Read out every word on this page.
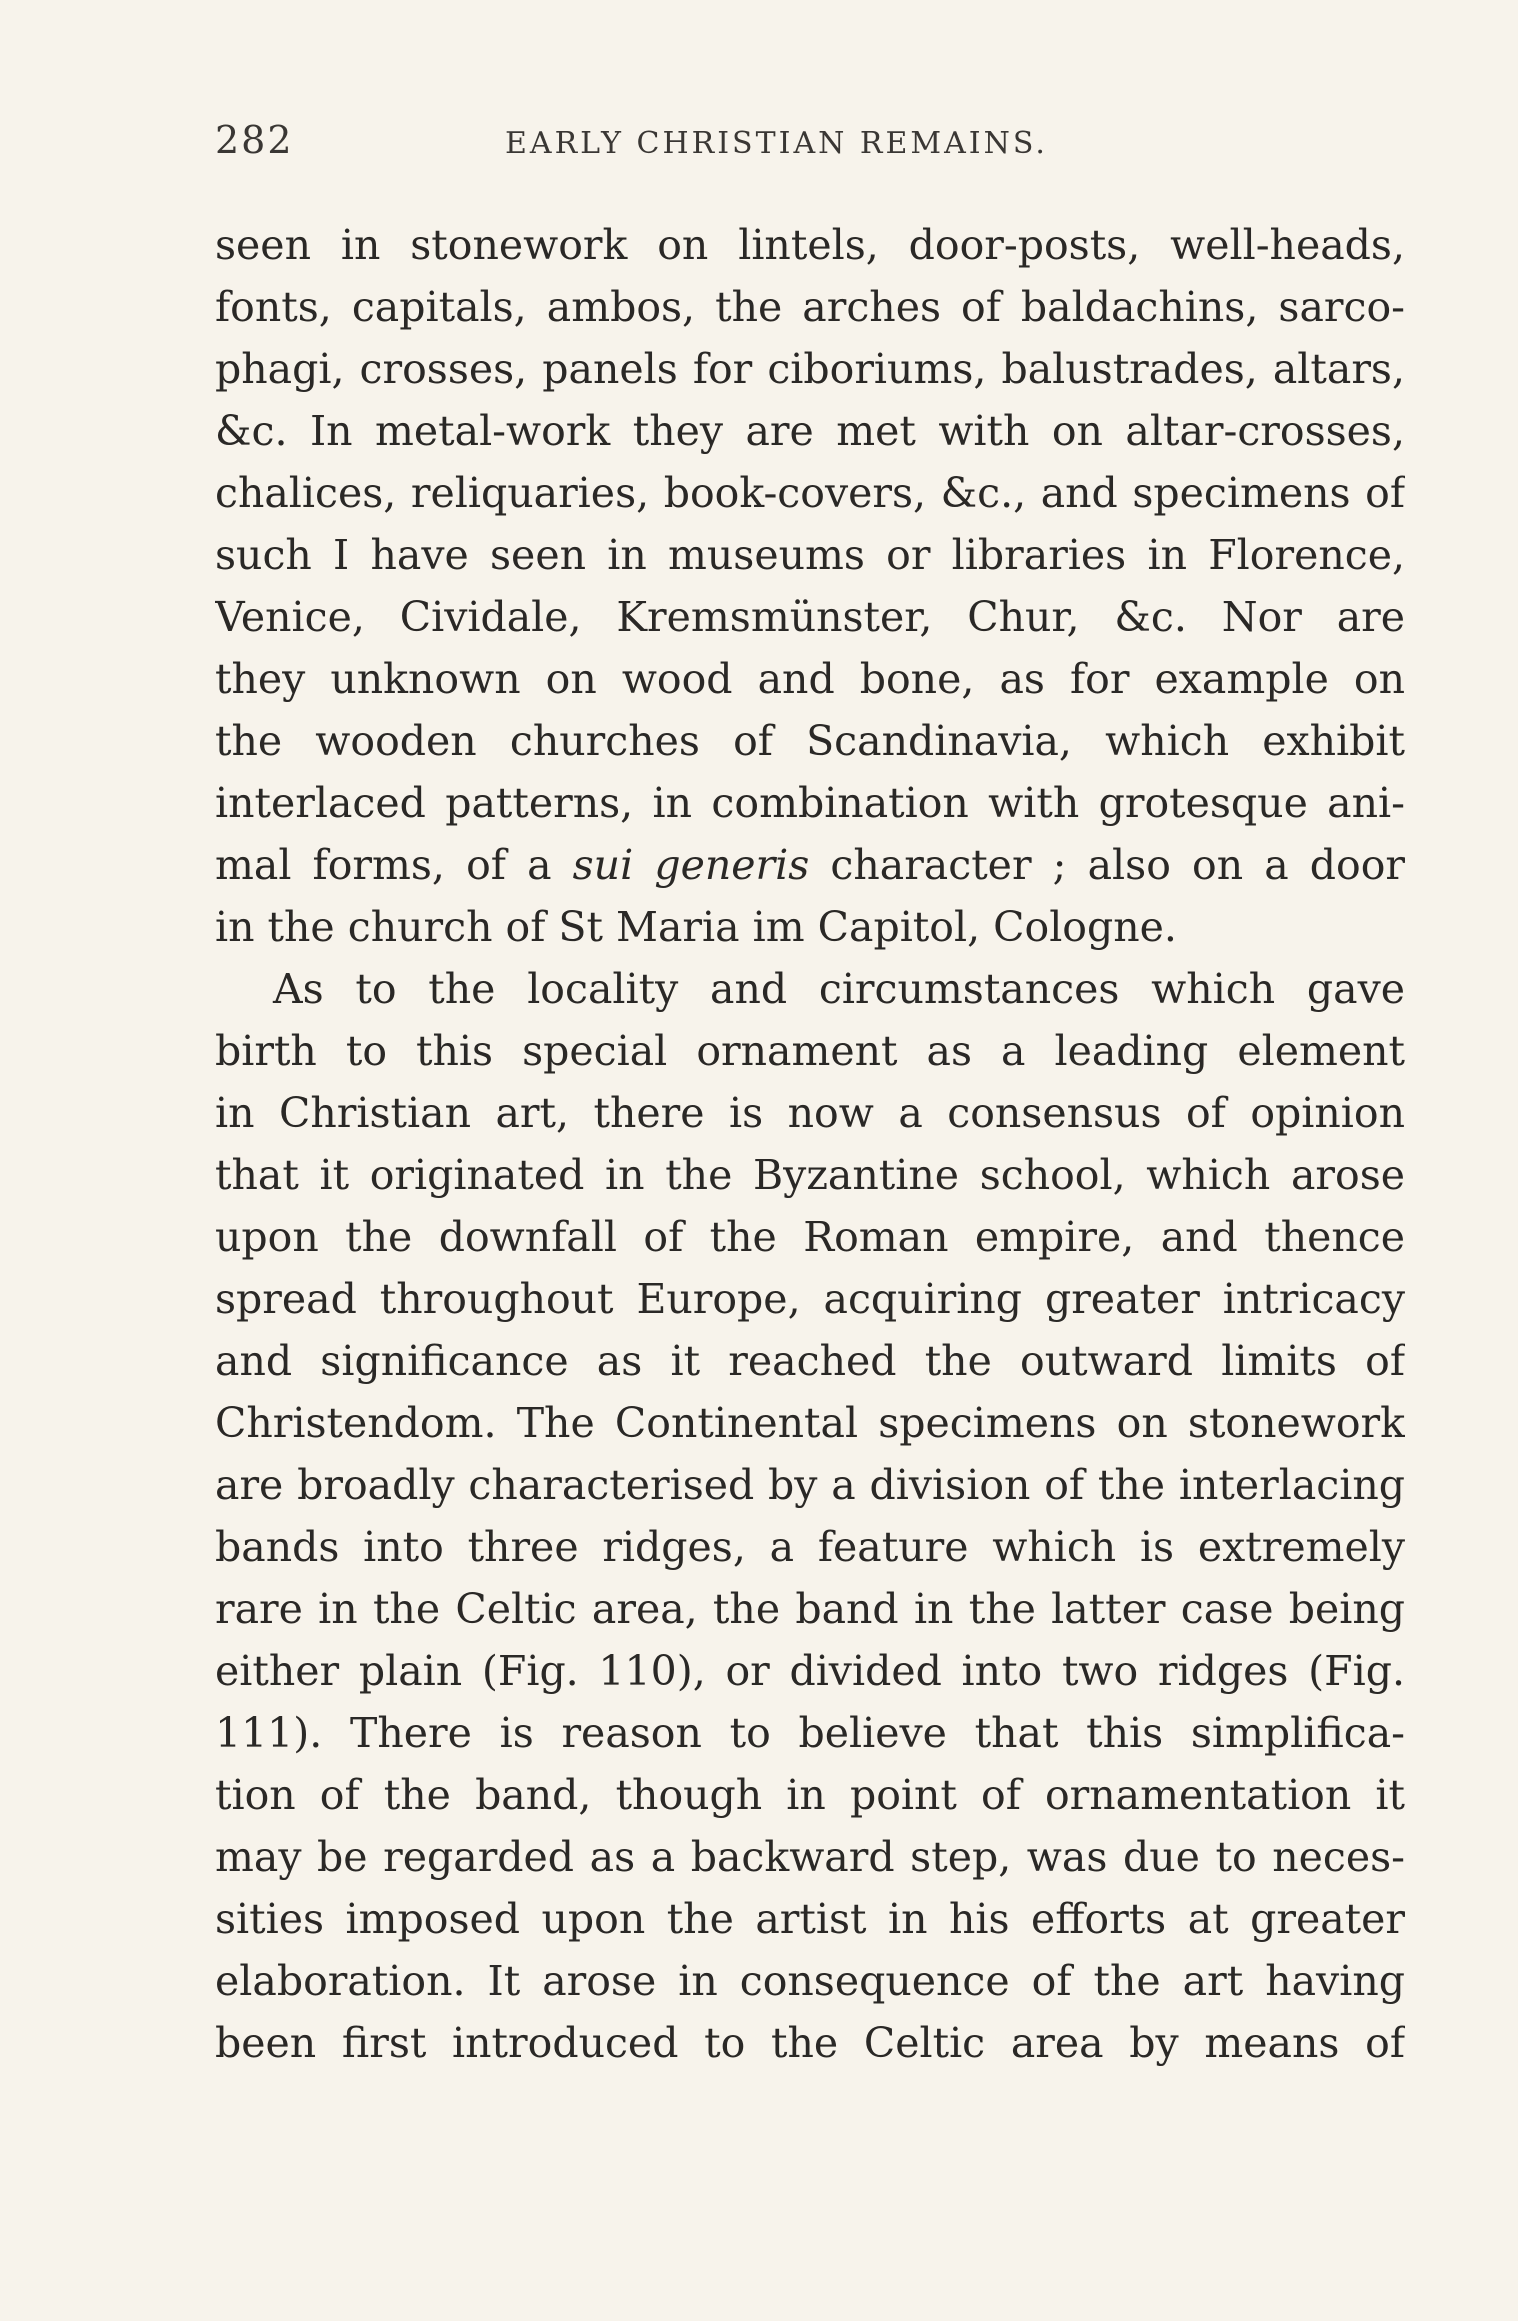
282	EARLY CHRISTIAN REMAINS.
seen in stonework on lintels, door-posts, well-heads,
fonts, capitals, ambos, the arches of baldachins, sarco-
phagi, crosses, panels for ciboriums, balustrades, altars,
&c. In metal-work they are met with on altar-crosses,
chalices, reliquaries, book-covers, &c., and specimens of
such I have seen in museums or libraries in Florence,
Venice, Cividale, Kremsmünster, Chur, &c. Nor are
they unknown on wood and bone, as for example on
the wooden churches of Scandinavia, which exhibit
interlaced patterns, in combination with grotesque ani-
mal forms, of a sui generis character ; also on a door
in the church of St Maria im Capitol, Cologne.
As to the locality and circumstances which gave
birth to this special ornament as a leading element
in Christian art, there is now a consensus of opinion
that it originated in the Byzantine school, which arose
upon the downfall of the Roman empire, and thence
spread throughout Europe, acquiring greater intricacy
and significance as it reached the outward limits of
Christendom. The Continental specimens on stonework
are broadly characterised by a division of the interlacing
bands into three ridges, a feature which is extremely
rare in the Celtic area, the band in the latter case being
either plain (Fig. 110), or divided into two ridges (Fig.
111). There is reason to believe that this simplifica-
tion of the band, though in point of ornamentation it
may be regarded as a backward step, was due to neces-
sities imposed upon the artist in his efforts at greater
elaboration. It arose in consequence of the art having
been first introduced to the Celtic area by means of
